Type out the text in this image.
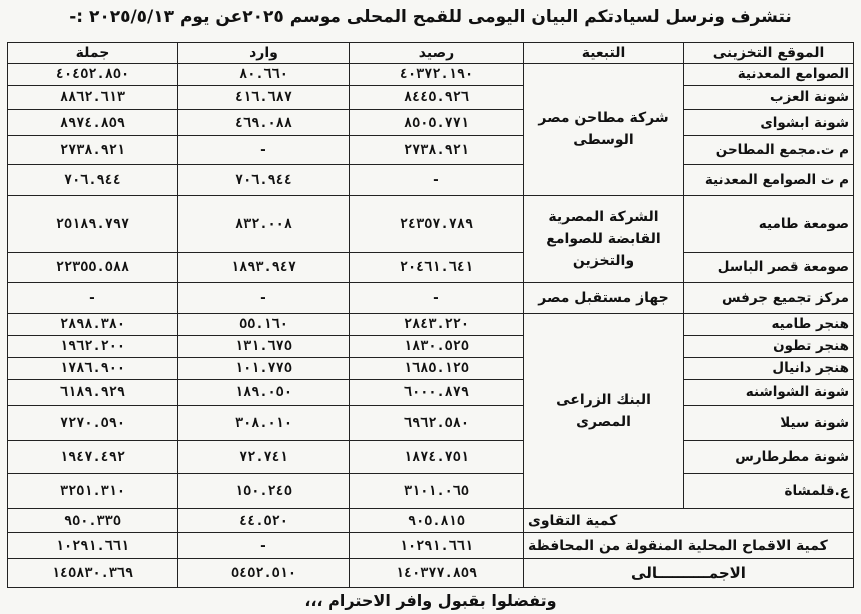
نتشرف ونرسل لسيادتكم البيان اليومى للقمح المحلى موسم ٢٠٢٥عن يوم ٢٠٢٥/٥/١٣ :-
الموقع التخزينى	التبعية	رصيد	وارد	جملة
الصوامع المعدنية	شركة مطاحن مصر الوسطى	٤٠٣٧٢.١٩٠	٨٠.٦٦٠	٤٠٤٥٢.٨٥٠
شونة العزب		٨٤٤٥.٩٢٦	٤١٦.٦٨٧	٨٨٦٢.٦١٣
شونة ابشواى		٨٥٠٥.٧٧١	٤٦٩.٠٨٨	٨٩٧٤.٨٥٩
م ت.مجمع المطاحن		٢٧٣٨.٩٢١	-	٢٧٣٨.٩٢١
م ت الصوامع المعدنية		-	٧٠٦.٩٤٤	٧٠٦.٩٤٤
صومعة طاميه	الشركة المصرية القابضة للصوامع والتخزين	٢٤٣٥٧.٧٨٩	٨٣٢.٠٠٨	٢٥١٨٩.٧٩٧
صومعة قصر الباسل		٢٠٤٦١.٦٤١	١٨٩٣.٩٤٧	٢٢٣٥٥.٥٨٨
مركز تجميع جرفس	جهاز مستقبل مصر	-	-	-
هنجر طاميه	البنك الزراعى المصرى	٢٨٤٣.٢٢٠	٥٥.١٦٠	٢٨٩٨.٣٨٠
هنجر تطون		١٨٣٠.٥٢٥	١٣١.٦٧٥	١٩٦٢.٢٠٠
هنجر دانيال		١٦٨٥.١٢٥	١٠١.٧٧٥	١٧٨٦.٩٠٠
شونة الشواشنه		٦٠٠٠.٨٧٩	١٨٩.٠٥٠	٦١٨٩.٩٢٩
شونة سيلا		٦٩٦٢.٥٨٠	٣٠٨.٠١٠	٧٢٧٠.٥٩٠
شونة مطرطارس		١٨٧٤.٧٥١	٧٢.٧٤١	١٩٤٧.٤٩٢
ع.قلمشاة		٣١٠١.٠٦٥	١٥٠.٢٤٥	٣٢٥١.٣١٠
كمية التقاوى		٩٠٥.٨١٥	٤٤.٥٢٠	٩٥٠.٣٣٥
كمية الاقماح المحلية المنقولة من المحافظة		١٠٢٩١.٦٦١	-	١٠٢٩١.٦٦١
الاجمــــــــــالى		١٤٠٣٧٧.٨٥٩	٥٤٥٢.٥١٠	١٤٥٨٣٠.٣٦٩
وتفضلوا بقبول وافر الاحترام ،،،
